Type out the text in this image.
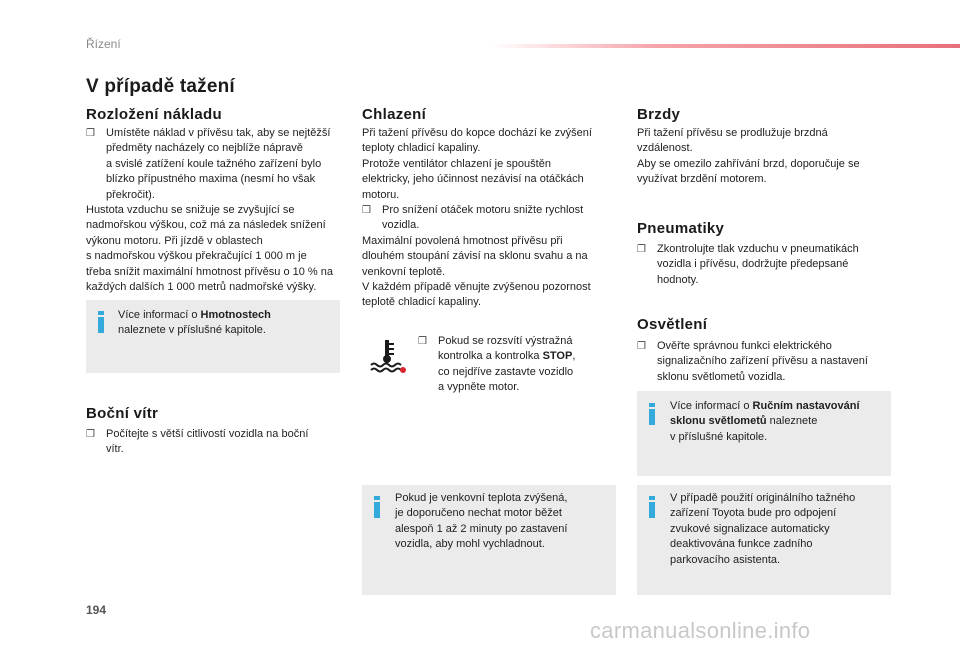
Řízení
V případě tažení
Rozložení nákladu
❒ Umístěte náklad v přívěsu tak, aby se nejtěžší
předměty nacházely co nejblíže nápravě
a svislé zatížení koule tažného zařízení bylo
blízko přípustného maxima (nesmí ho však
překročit).
Hustota vzduchu se snižuje se zvyšující se
nadmořskou výškou, což má za následek snížení
výkonu motoru. Při jízdě v oblastech
s nadmořskou výškou překračující 1 000 m je
třeba snížit maximální hmotnost přívěsu o 10 % na
každých dalších 1 000 metrů nadmořské výšky.
Více informací o Hmotnostech
naleznete v příslušné kapitole.
Boční vítr
❒ Počítejte s větší citlivostí vozidla na boční
vítr.
Chlazení
Při tažení přívěsu do kopce dochází ke zvýšení
teploty chladicí kapaliny.
Protože ventilátor chlazení je spouštěn
elektricky, jeho účinnost nezávisí na otáčkách
motoru.
❒ Pro snížení otáček motoru snižte rychlost
vozidla.
Maximální povolená hmotnost přívěsu při
dlouhém stoupání závisí na sklonu svahu a na
venkovní teplotě.
V každém případě věnujte zvýšenou pozornost
teplotě chladicí kapaliny.
❒ Pokud se rozsvítí výstražná
kontrolka a kontrolka STOP,
co nejdříve zastavte vozidlo
a vypněte motor.
Pokud je venkovní teplota zvýšená,
je doporučeno nechat motor běžet
alespoň 1 až 2 minuty po zastavení
vozidla, aby mohl vychladnout.
Brzdy
Při tažení přívěsu se prodlužuje brzdná
vzdálenost.
Aby se omezilo zahřívání brzd, doporučuje se
využívat brzdění motorem.
Pneumatiky
❒ Zkontrolujte tlak vzduchu v pneumatikách
vozidla i přívěsu, dodržujte předepsané
hodnoty.
Osvětlení
❒ Ověřte správnou funkci elektrického
signalizačního zařízení přívěsu a nastavení
sklonu světlometů vozidla.
Více informací o Ručním nastavování
sklonu světlometů naleznete
v příslušné kapitole.
V případě použití originálního tažného
zařízení Toyota bude pro odpojení
zvukové signalizace automaticky
deaktivována funkce zadního
parkovacího asistenta.
194
carmanualsonline.info
